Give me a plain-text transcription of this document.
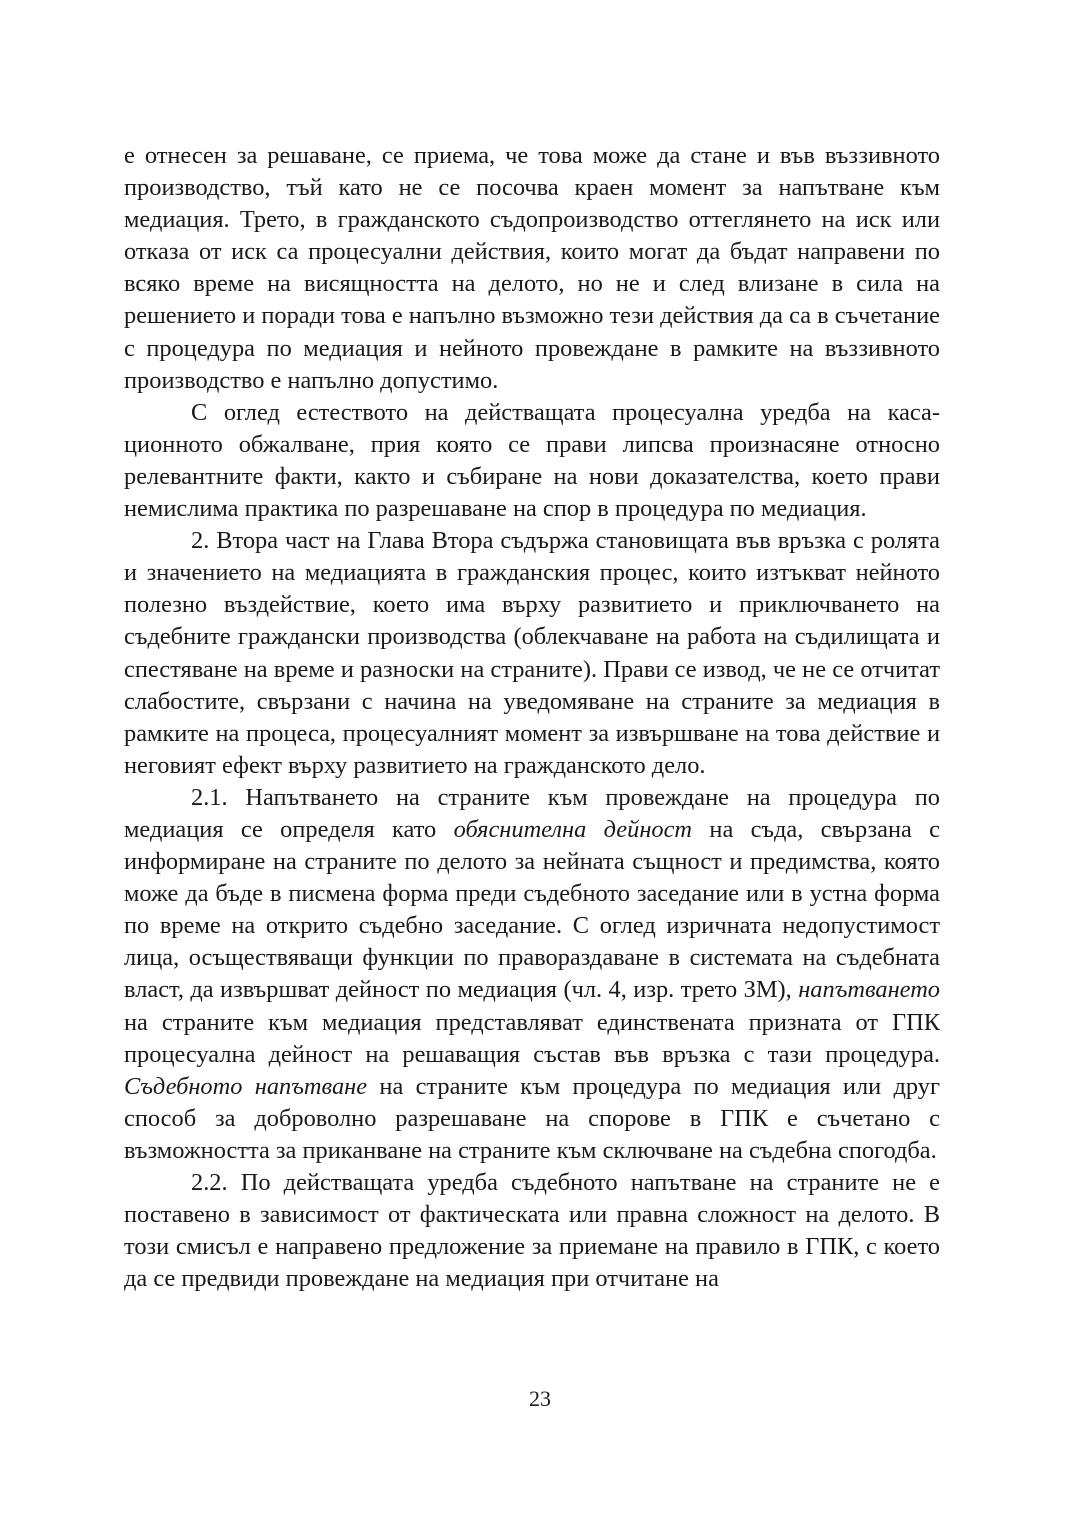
е отнесен за решаване, се приема, че това може да стане и във въззивното производство, тъй като не се посочва краен момент за напътване към медиация. Трето, в гражданското съдопроизводство оттеглянето на иск или отказа от иск са процесуални действия, които могат да бъдат направени по всяко време на висящността на делото, но не и след влизане в сила на решението и поради това е напълно възможно тези действия да са в съчетание с процедура по медиация и нейното провеждане в рамките на въззивното производство е напълно допустимо.

С оглед естеството на действащата процесуална уредба на касационното обжалване, прия която се прави липсва произнасяне относно релевантните факти, както и събиране на нови доказателства, което прави немислима практика по разрешаване на спор в процедура по медиация.

2. Втора част на Глава Втора съдържа становищата във връзка с ролята и значението на медиацията в гражданския процес, които изтъкват нейното полезно въздействие, което има върху развитието и приключването на съдебните граждански производства (облекчаване на работа на съдилищата и спестяване на време и разноски на страните). Прави се извод, че не се отчитат слабостите, свързани с начина на уведомяване на страните за медиация в рамките на процеса, процесуалният момент за извършване на това действие и неговият ефект върху развитието на гражданското дело.

2.1. Напътването на страните към провеждане на процедура по медиация се определя като обяснителна дейност на съда, свързана с информиране на страните по делото за нейната същност и предимства, която може да бъде в писмена форма преди съдебното заседание или в устна форма по време на открито съдебно заседание. С оглед изричната недопустимост лица, осъществяващи функции по правораздаване в системата на съдебната власт, да извършват дейност по медиация (чл. 4, изр. трето ЗМ), напътването на страните към медиация представляват единствената призната от ГПК процесуална дейност на решаващия състав във връзка с тази процедура. Съдебното напътване на страните към процедура по медиация или друг способ за доброволно разрешаване на спорове в ГПК е съчетано с възможността за приканване на страните към сключване на съдебна спогодба.

2.2. По действащата уредба съдебното напътване на страните не е поставено в зависимост от фактическата или правна сложност на делото. В този смисъл е направено предложение за приемане на правило в ГПК, с което да се предвиди провеждане на медиация при отчитане на

23
